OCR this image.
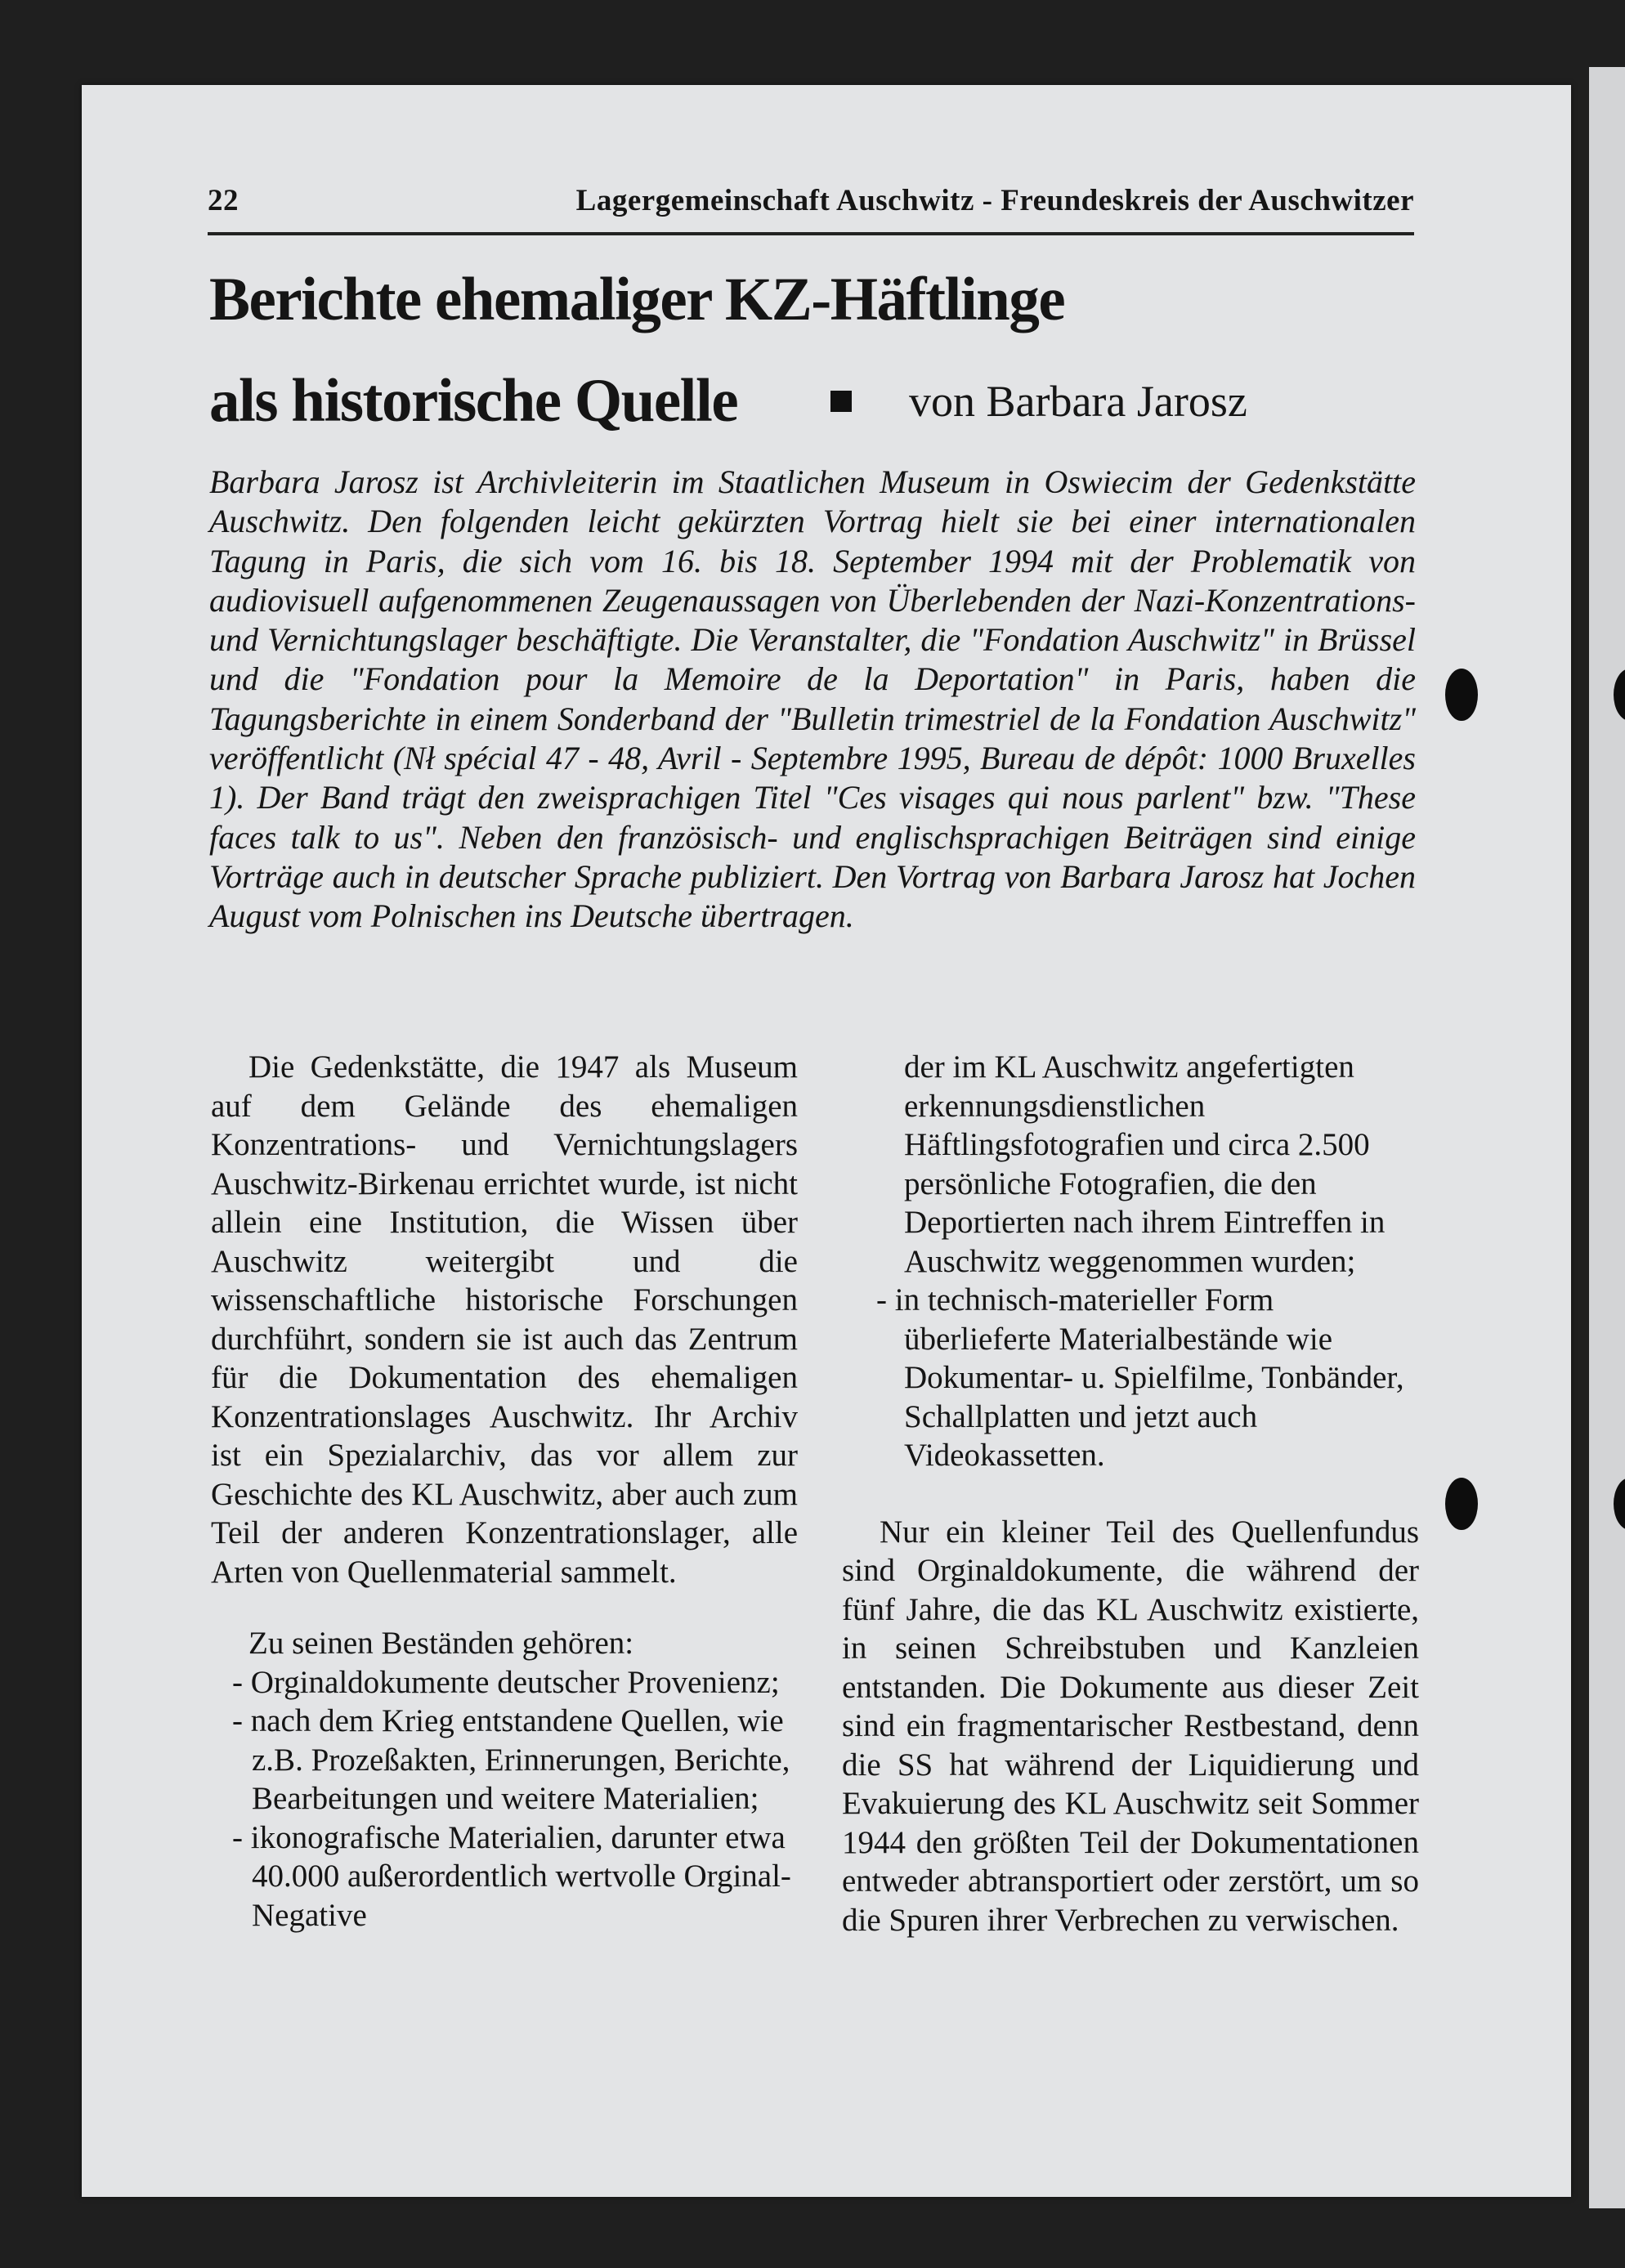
22	Lagergemeinschaft Auschwitz - Freundeskreis der Auschwitzer
Berichte ehemaliger KZ-Häftlinge
als historische Quelle	von Barbara Jarosz
Barbara Jarosz ist Archivleiterin im Staatlichen Museum in Oswiecim der Gedenkstätte Auschwitz. Den folgenden leicht gekürzten Vortrag hielt sie bei einer internationalen Tagung in Paris, die sich vom 16. bis 18. September 1994 mit der Problematik von audiovisuell aufgenommenen Zeugenaussagen von Überlebenden der Nazi-Konzentrations- und Vernichtungslager beschäftigte. Die Veranstalter, die "Fondation Auschwitz" in Brüssel und die "Fondation pour la Memoire de la Deportation" in Paris, haben die Tagungsberichte in einem Sonderband der "Bulletin trimestriel de la Fondation Auschwitz" veröffentlicht (Nł spécial 47 - 48, Avril - Septembre 1995, Bureau de dépôt: 1000 Bruxelles 1). Der Band trägt den zweisprachigen Titel "Ces visages qui nous parlent" bzw. "These faces talk to us". Neben den französisch- und englischsprachigen Beiträgen sind einige Vorträge auch in deutscher Sprache publiziert. Den Vortrag von Barbara Jarosz hat Jochen August vom Polnischen ins Deutsche übertragen.

Die Gedenkstätte, die 1947 als Museum auf dem Gelände des ehemaligen Konzentrations- und Vernichtungslagers Auschwitz-Birkenau errichtet wurde, ist nicht allein eine Institution, die Wissen über Auschwitz weitergibt und die wissenschaftliche historische Forschungen durchführt, sondern sie ist auch das Zentrum für die Dokumentation des ehemaligen Konzentrationslages Auschwitz. Ihr Archiv ist ein Spezialarchiv, das vor allem zur Geschichte des KL Auschwitz, aber auch zum Teil der anderen Konzentrationslager, alle Arten von Quellenmaterial sammelt.

Zu seinen Beständen gehören:

- Orginaldokumente deutscher Provenienz;

- nach dem Krieg entstandene Quellen, wie z.B. Prozeßakten, Erinnerungen, Berichte, Bearbeitungen und weitere Materialien;

- ikonografische Materialien, darunter etwa 40.000 außerordentlich wertvolle Orginal-Negative

der im KL Auschwitz angefertigten erkennungsdienstlichen Häftlingsfotografien und circa 2.500 persönliche Fotografien, die den Deportierten nach ihrem Eintreffen in Auschwitz weggenommen wurden;

- in technisch-materieller Form überlieferte Materialbestände wie Dokumentar- u. Spielfilme, Tonbänder, Schallplatten und jetzt auch Videokassetten.

Nur ein kleiner Teil des Quellenfundus sind Orginaldokumente, die während der fünf Jahre, die das KL Auschwitz existierte, in seinen Schreibstuben und Kanzleien entstanden. Die Dokumente aus dieser Zeit sind ein fragmentarischer Restbestand, denn die SS hat während der Liquidierung und Evakuierung des KL Auschwitz seit Sommer 1944 den größten Teil der Dokumentationen entweder abtransportiert oder zerstört, um so die Spuren ihrer Verbrechen zu verwischen.
